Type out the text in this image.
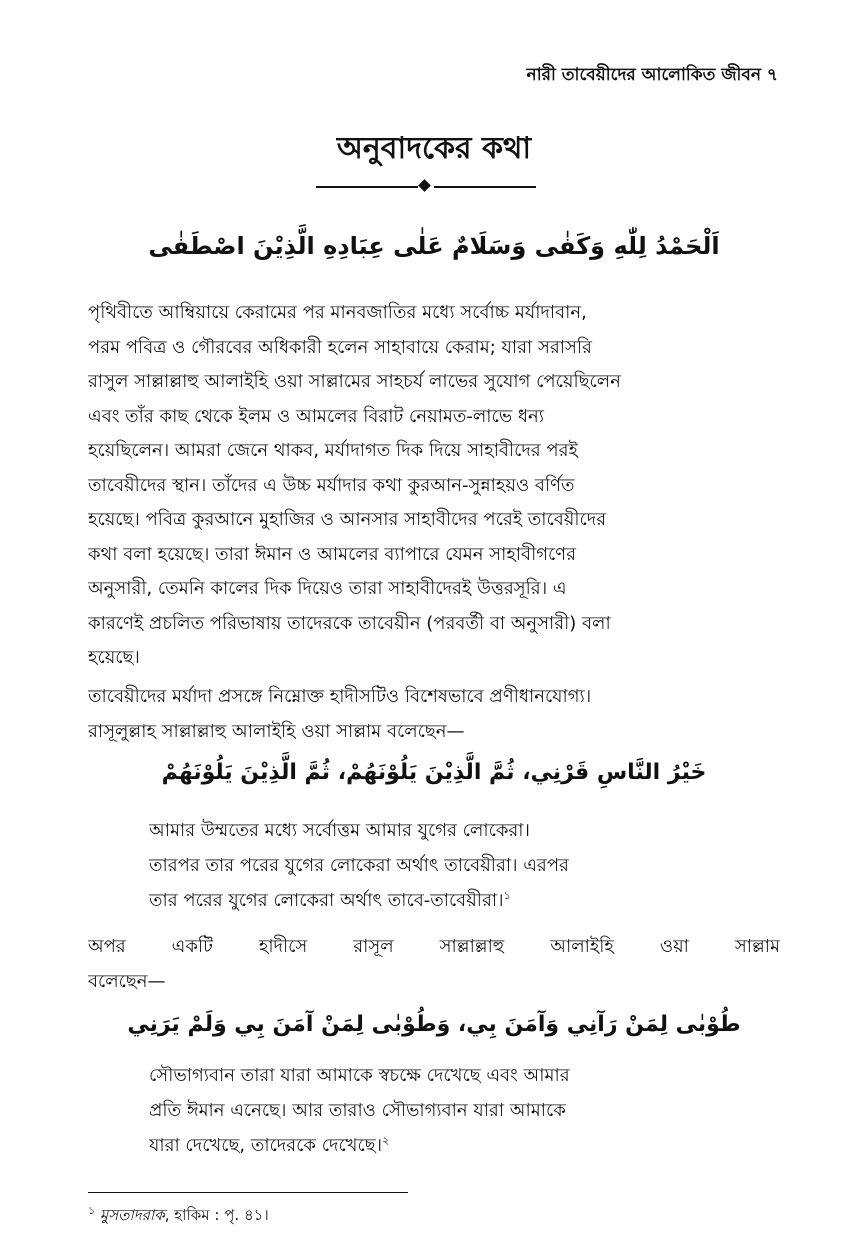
নারী তাবেয়ীদের আলোকিত জীবন ৭
অনুবাদকের কথা
اَلْحَمْدُ لِلّٰهِ وَكَفٰى وَسَلَامٌ عَلٰى عِبَادِهِ الَّذِيْنَ اصْطَفٰى
পৃথিবীতে আম্বিয়ায়ে কেরামের পর মানবজাতির মধ্যে সর্বোচ্চ মর্যাদাবান,
পরম পবিত্র ও গৌরবের অধিকারী হলেন সাহাবায়ে কেরাম; যারা সরাসরি
রাসুল সাল্লাল্লাহু আলাইহি ওয়া সাল্লামের সাহচর্য লাভের সুযোগ পেয়েছিলেন
এবং তাঁর কাছ থেকে ইলম ও আমলের বিরাট নেয়ামত-লাভে ধন্য
হয়েছিলেন। আমরা জেনে থাকব, মর্যাদাগত দিক দিয়ে সাহাবীদের পরই
তাবেয়ীদের স্থান। তাঁদের এ উচ্চ মর্যাদার কথা কুরআন-সুন্নাহয়ও বর্ণিত
হয়েছে। পবিত্র কুরআনে মুহাজির ও আনসার সাহাবীদের পরেই তাবেয়ীদের
কথা বলা হয়েছে। তারা ঈমান ও আমলের ব্যাপারে যেমন সাহাবীগণের
অনুসারী, তেমনি কালের দিক দিয়েও তারা সাহাবীদেরই উত্তরসূরি। এ
কারণেই প্রচলিত পরিভাষায় তাদেরকে তাবেয়ীন (পরবর্তী বা অনুসারী) বলা
হয়েছে।
তাবেয়ীদের মর্যাদা প্রসঙ্গে নিম্নোক্ত হাদীসটিও বিশেষভাবে প্রণীধানযোগ্য।
রাসূলুল্লাহ সাল্লাল্লাহু আলাইহি ওয়া সাল্লাম বলেছেন—
خَيْرُ النَّاسِ قَرْنِي، ثُمَّ الَّذِيْنَ يَلُوْنَهُمْ، ثُمَّ الَّذِيْنَ يَلُوْنَهُمْ
আমার উম্মতের মধ্যে সর্বোত্তম আমার যুগের লোকেরা।
তারপর তার পরের যুগের লোকেরা অর্থাৎ তাবেয়ীরা। এরপর
তার পরের যুগের লোকেরা অর্থাৎ তাবে-তাবেয়ীরা।$^১$
অপর একটি হাদীসে রাসূল সাল্লাল্লাহু আলাইহি ওয়া সাল্লাম
বলেছেন—
طُوْبٰى لِمَنْ رَآنِي وَآمَنَ بِي، وَطُوْبٰى لِمَنْ آمَنَ بِي وَلَمْ يَرَنِي
সৌভাগ্যবান তারা যারা আমাকে স্বচক্ষে দেখেছে এবং আমার
প্রতি ঈমান এনেছে। আর তারাও সৌভাগ্যবান যারা আমাকে
যারা দেখেছে, তাদেরকে দেখেছে।$^২$
$^১$ মুসতাদরাক, হাকিম : পৃ. ৪১।
